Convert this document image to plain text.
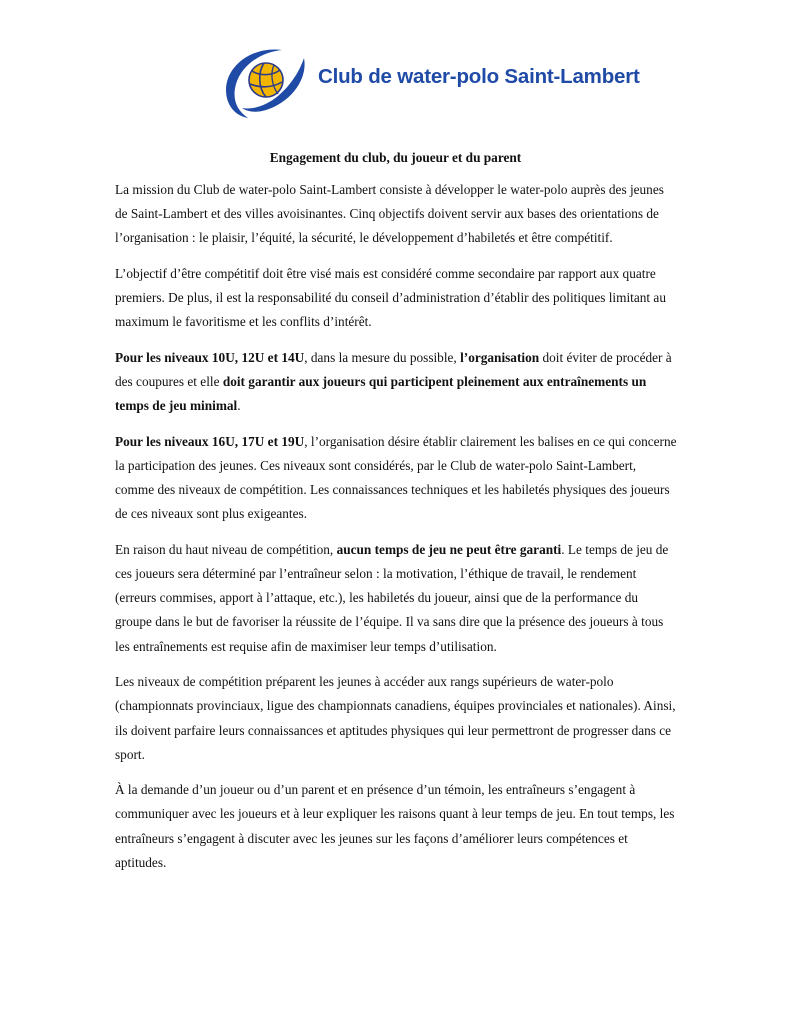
Club de water-polo Saint-Lambert
Engagement du club, du joueur et du parent

La mission du Club de water-polo Saint-Lambert consiste à développer le water-polo auprès des jeunes de Saint-Lambert et des villes avoisinantes. Cinq objectifs doivent servir aux bases des orientations de l’organisation : le plaisir, l’équité, la sécurité, le développement d’habiletés et être compétitif.

L’objectif d’être compétitif doit être visé mais est considéré comme secondaire par rapport aux quatre premiers. De plus, il est la responsabilité du conseil d’administration d’établir des politiques limitant au maximum le favoritisme et les conflits d’intérêt.

Pour les niveaux 10U, 12U et 14U, dans la mesure du possible, l’organisation doit éviter de procéder à des coupures et elle doit garantir aux joueurs qui participent pleinement aux entraînements un temps de jeu minimal.

Pour les niveaux 16U, 17U et 19U, l’organisation désire établir clairement les balises en ce qui concerne la participation des jeunes. Ces niveaux sont considérés, par le Club de water-polo Saint-Lambert, comme des niveaux de compétition. Les connaissances techniques et les habiletés physiques des joueurs de ces niveaux sont plus exigeantes.

En raison du haut niveau de compétition, aucun temps de jeu ne peut être garanti. Le temps de jeu de ces joueurs sera déterminé par l’entraîneur selon : la motivation, l’éthique de travail, le rendement (erreurs commises, apport à l’attaque, etc.), les habiletés du joueur, ainsi que de la performance du groupe dans le but de favoriser la réussite de l’équipe. Il va sans dire que la présence des joueurs à tous les entraînements est requise afin de maximiser leur temps d’utilisation.

Les niveaux de compétition préparent les jeunes à accéder aux rangs supérieurs de water-polo (championnats provinciaux, ligue des championnats canadiens, équipes provinciales et nationales). Ainsi, ils doivent parfaire leurs connaissances et aptitudes physiques qui leur permettront de progresser dans ce sport.

À la demande d’un joueur ou d’un parent et en présence d’un témoin, les entraîneurs s’engagent à communiquer avec les joueurs et à leur expliquer les raisons quant à leur temps de jeu. En tout temps, les entraîneurs s’engagent à discuter avec les jeunes sur les façons d’améliorer leurs compétences et aptitudes.
